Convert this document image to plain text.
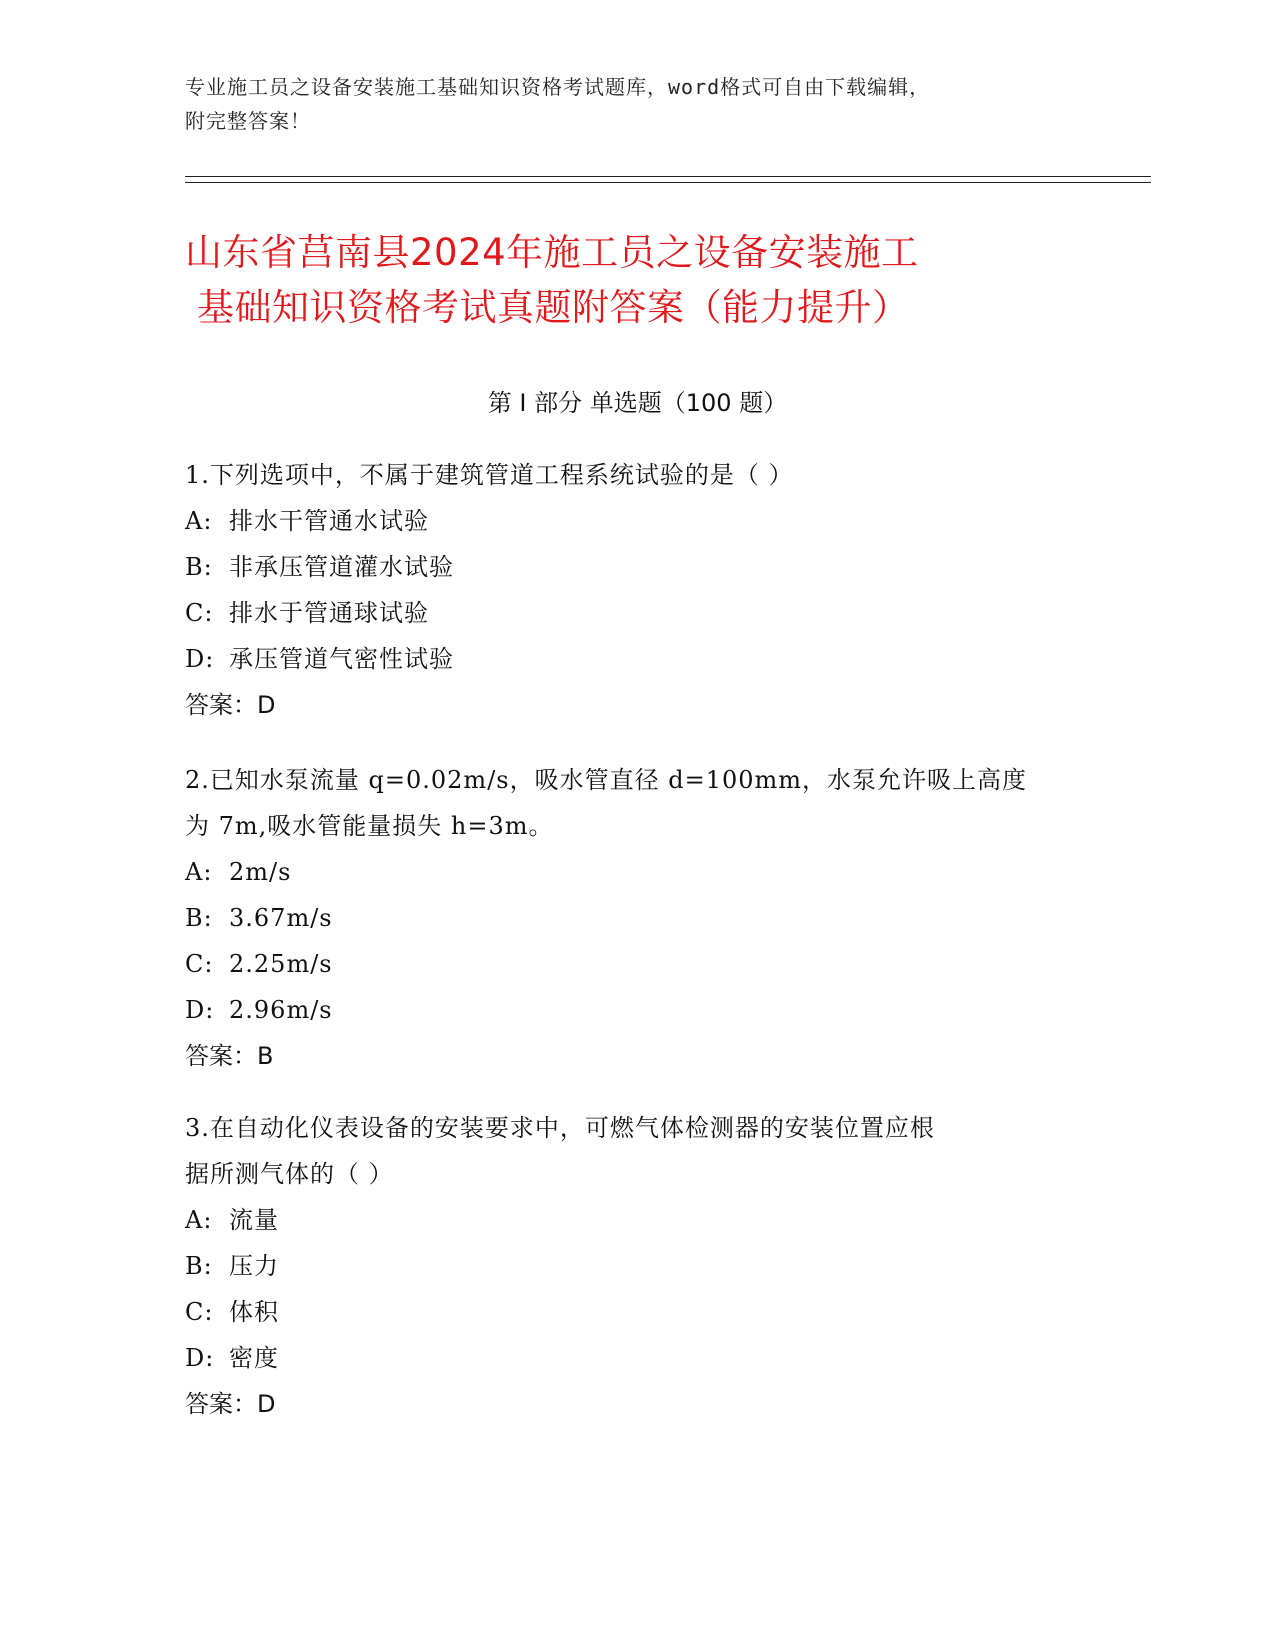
专业施工员之设备安装施工基础知识资格考试题库，word格式可自由下载编辑，
附完整答案！
山东省莒南县2024年施工员之设备安装施工
基础知识资格考试真题附答案（能力提升）
第 I 部分 单选题（100 题）
1.下列选项中，不属于建筑管道工程系统试验的是（ ）
A: 排水干管通水试验
B: 非承压管道灌水试验
C: 排水于管通球试验
D: 承压管道气密性试验
答案：D
2.已知水泵流量 q=0.02m/s，吸水管直径 d=100mm，水泵允许吸上高度
为 7m,吸水管能量损失 h=3m。
A: 2m/s
B: 3.67m/s
C: 2.25m/s
D: 2.96m/s
答案：B
3.在自动化仪表设备的安装要求中，可燃气体检测器的安装位置应根
据所测气体的（ ）
A: 流量
B: 压力
C: 体积
D: 密度
答案：D
